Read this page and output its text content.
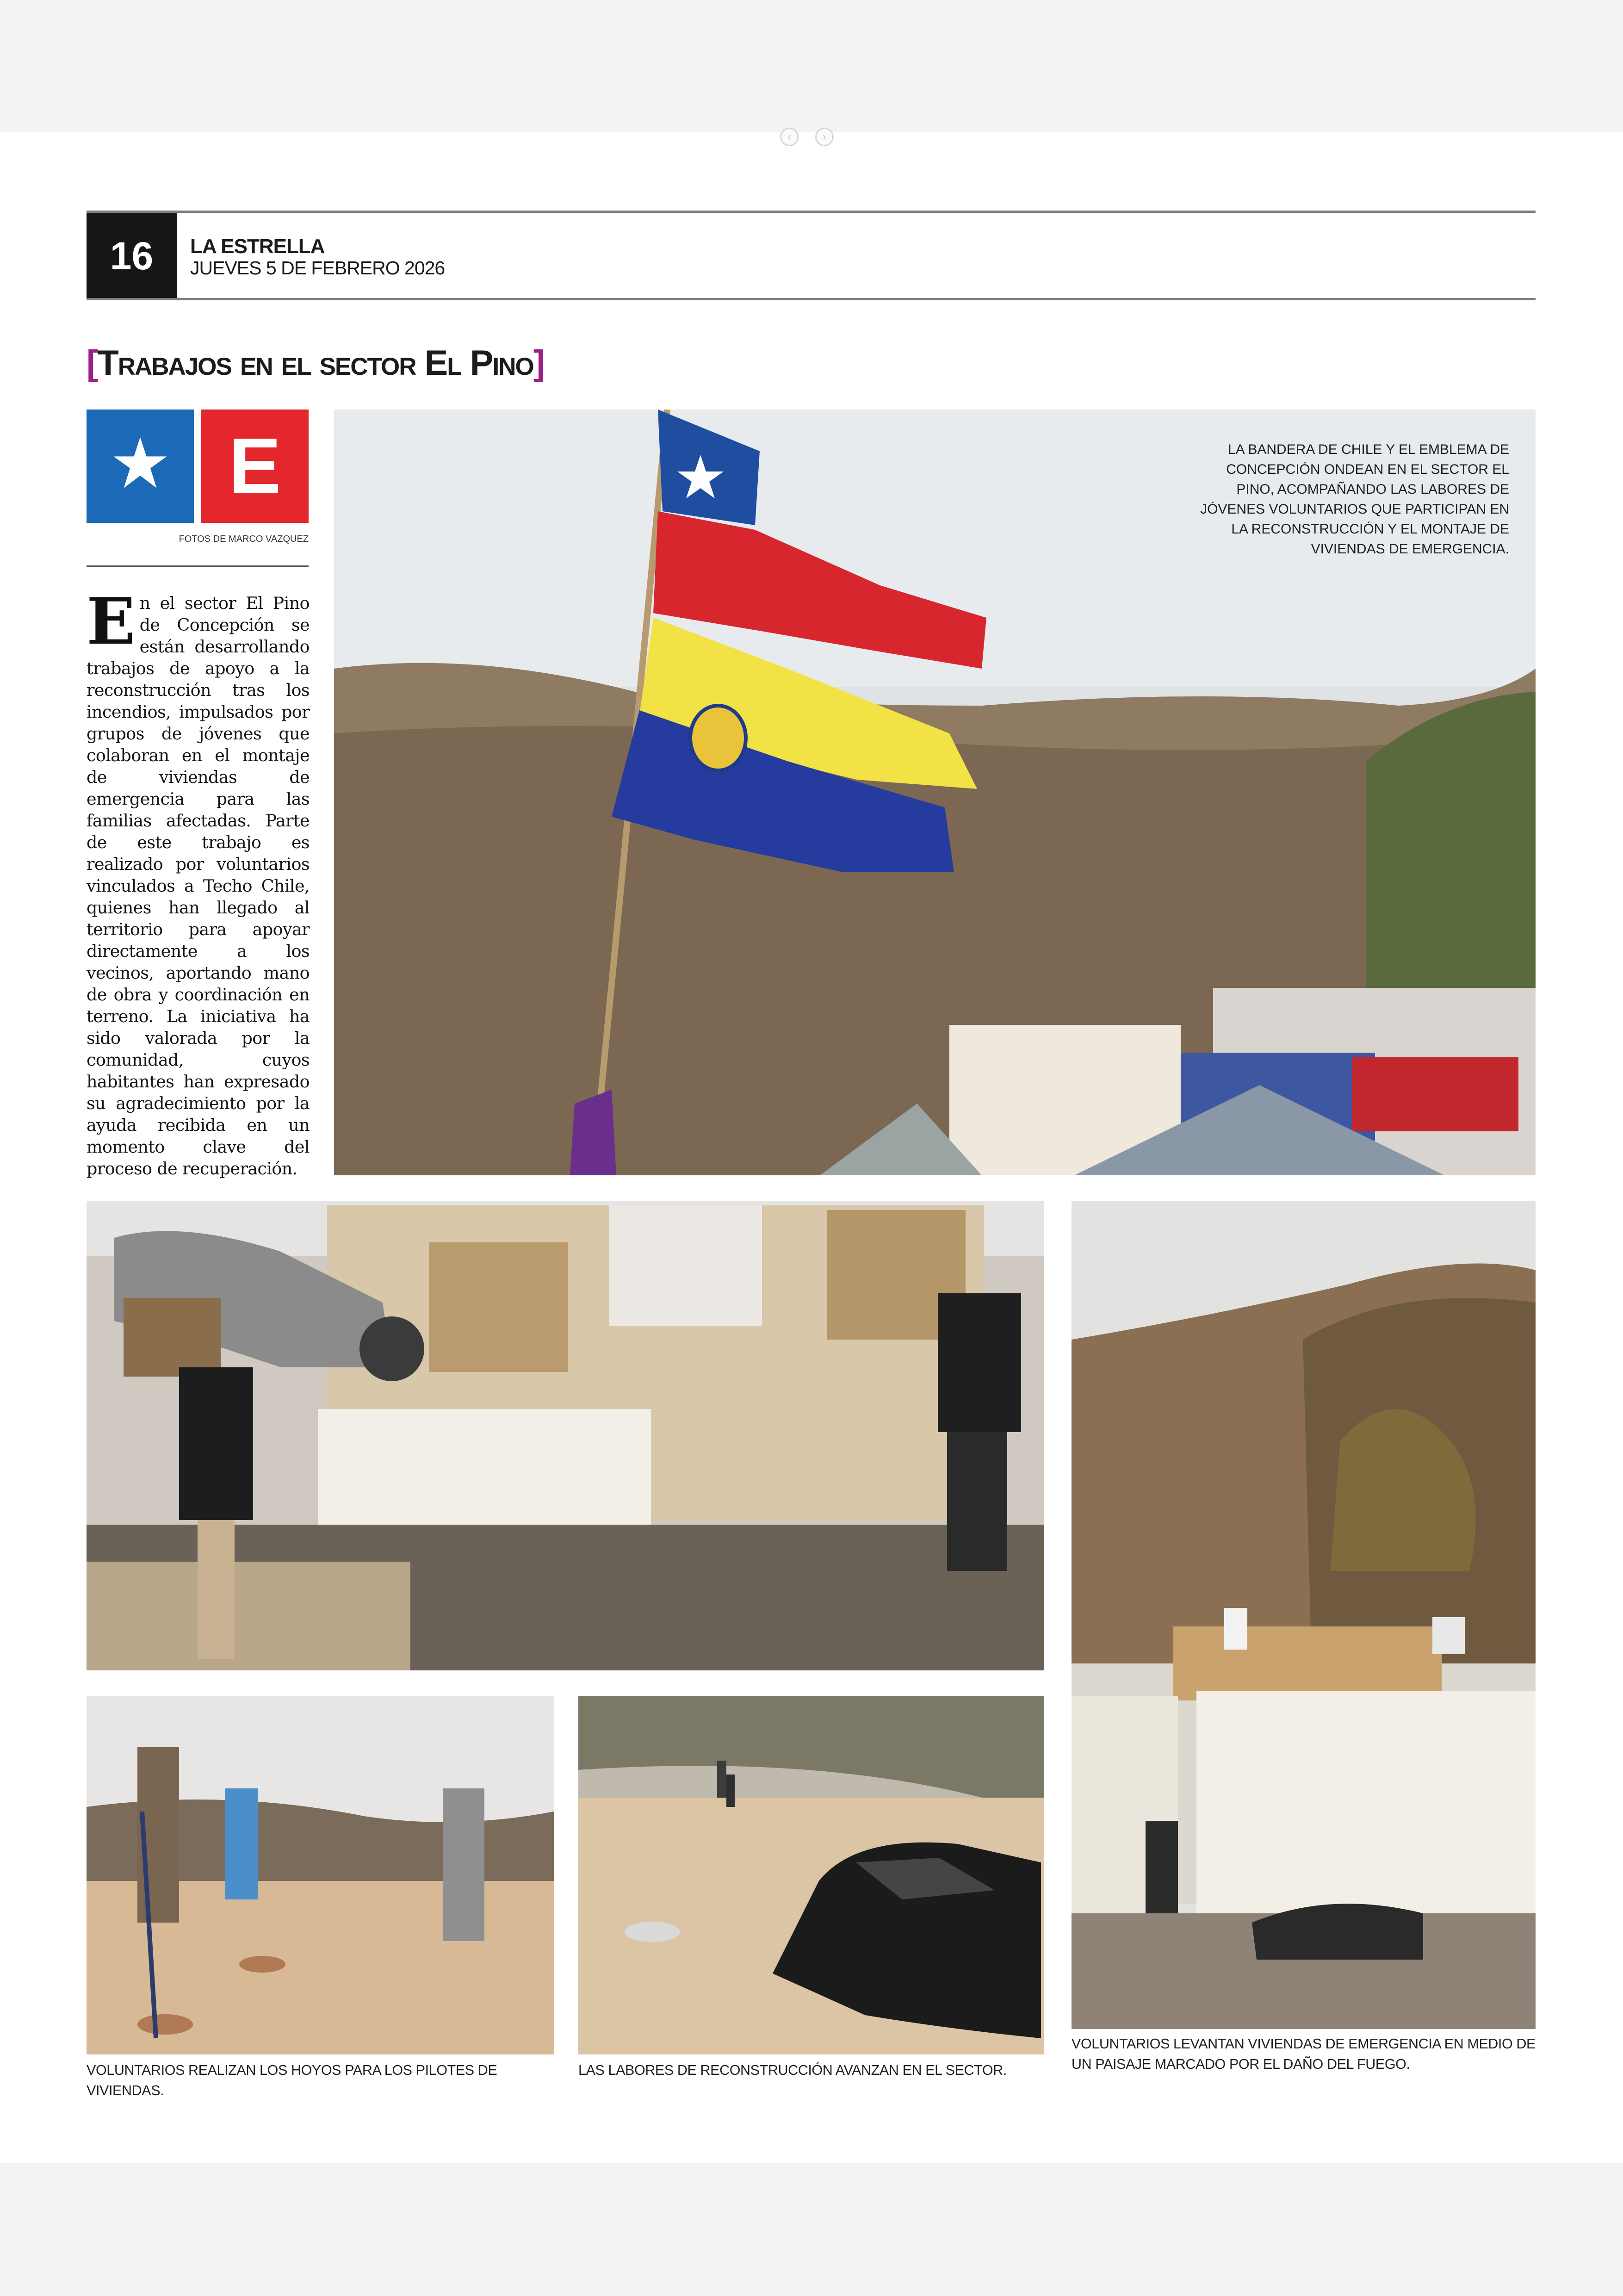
‹	›
16	LA ESTRELLA
JUEVES 5 DE FEBRERO 2026
[Trabajos en el sector El Pino]
E
FOTOS DE MARCO VAZQUEZ
En el sector El Pino de Concepción se están desarrollando trabajos de apoyo a la reconstrucción tras los incendios, impulsados por grupos de jóvenes que colaboran en el montaje de viviendas de emergencia para las familias afectadas. Parte de este trabajo es realizado por voluntarios vinculados a Techo Chile, quienes han llegado al territorio para apoyar directamente a los vecinos, aportando mano de obra y coordinación en terreno. La iniciativa ha sido valorada por la comunidad, cuyos habitantes han expresado su agradecimiento por la ayuda recibida en un momento clave del proceso de recuperación.
LA BANDERA DE CHILE Y EL EMBLEMA DE CONCEPCIÓN ONDEAN EN EL SECTOR EL PINO, ACOMPAÑANDO LAS LABORES DE JÓVENES VOLUNTARIOS QUE PARTICIPAN EN LA RECONSTRUCCIÓN Y EL MONTAJE DE VIVIENDAS DE EMERGENCIA.
VOLUNTARIOS LEVANTAN VIVIENDAS DE EMERGENCIA EN MEDIO DE UN PAISAJE MARCADO POR EL DAÑO DEL FUEGO.
VOLUNTARIOS REALIZAN LOS HOYOS PARA LOS PILOTES DE VIVIENDAS.
LAS LABORES DE RECONSTRUCCIÓN AVANZAN EN EL SECTOR.
